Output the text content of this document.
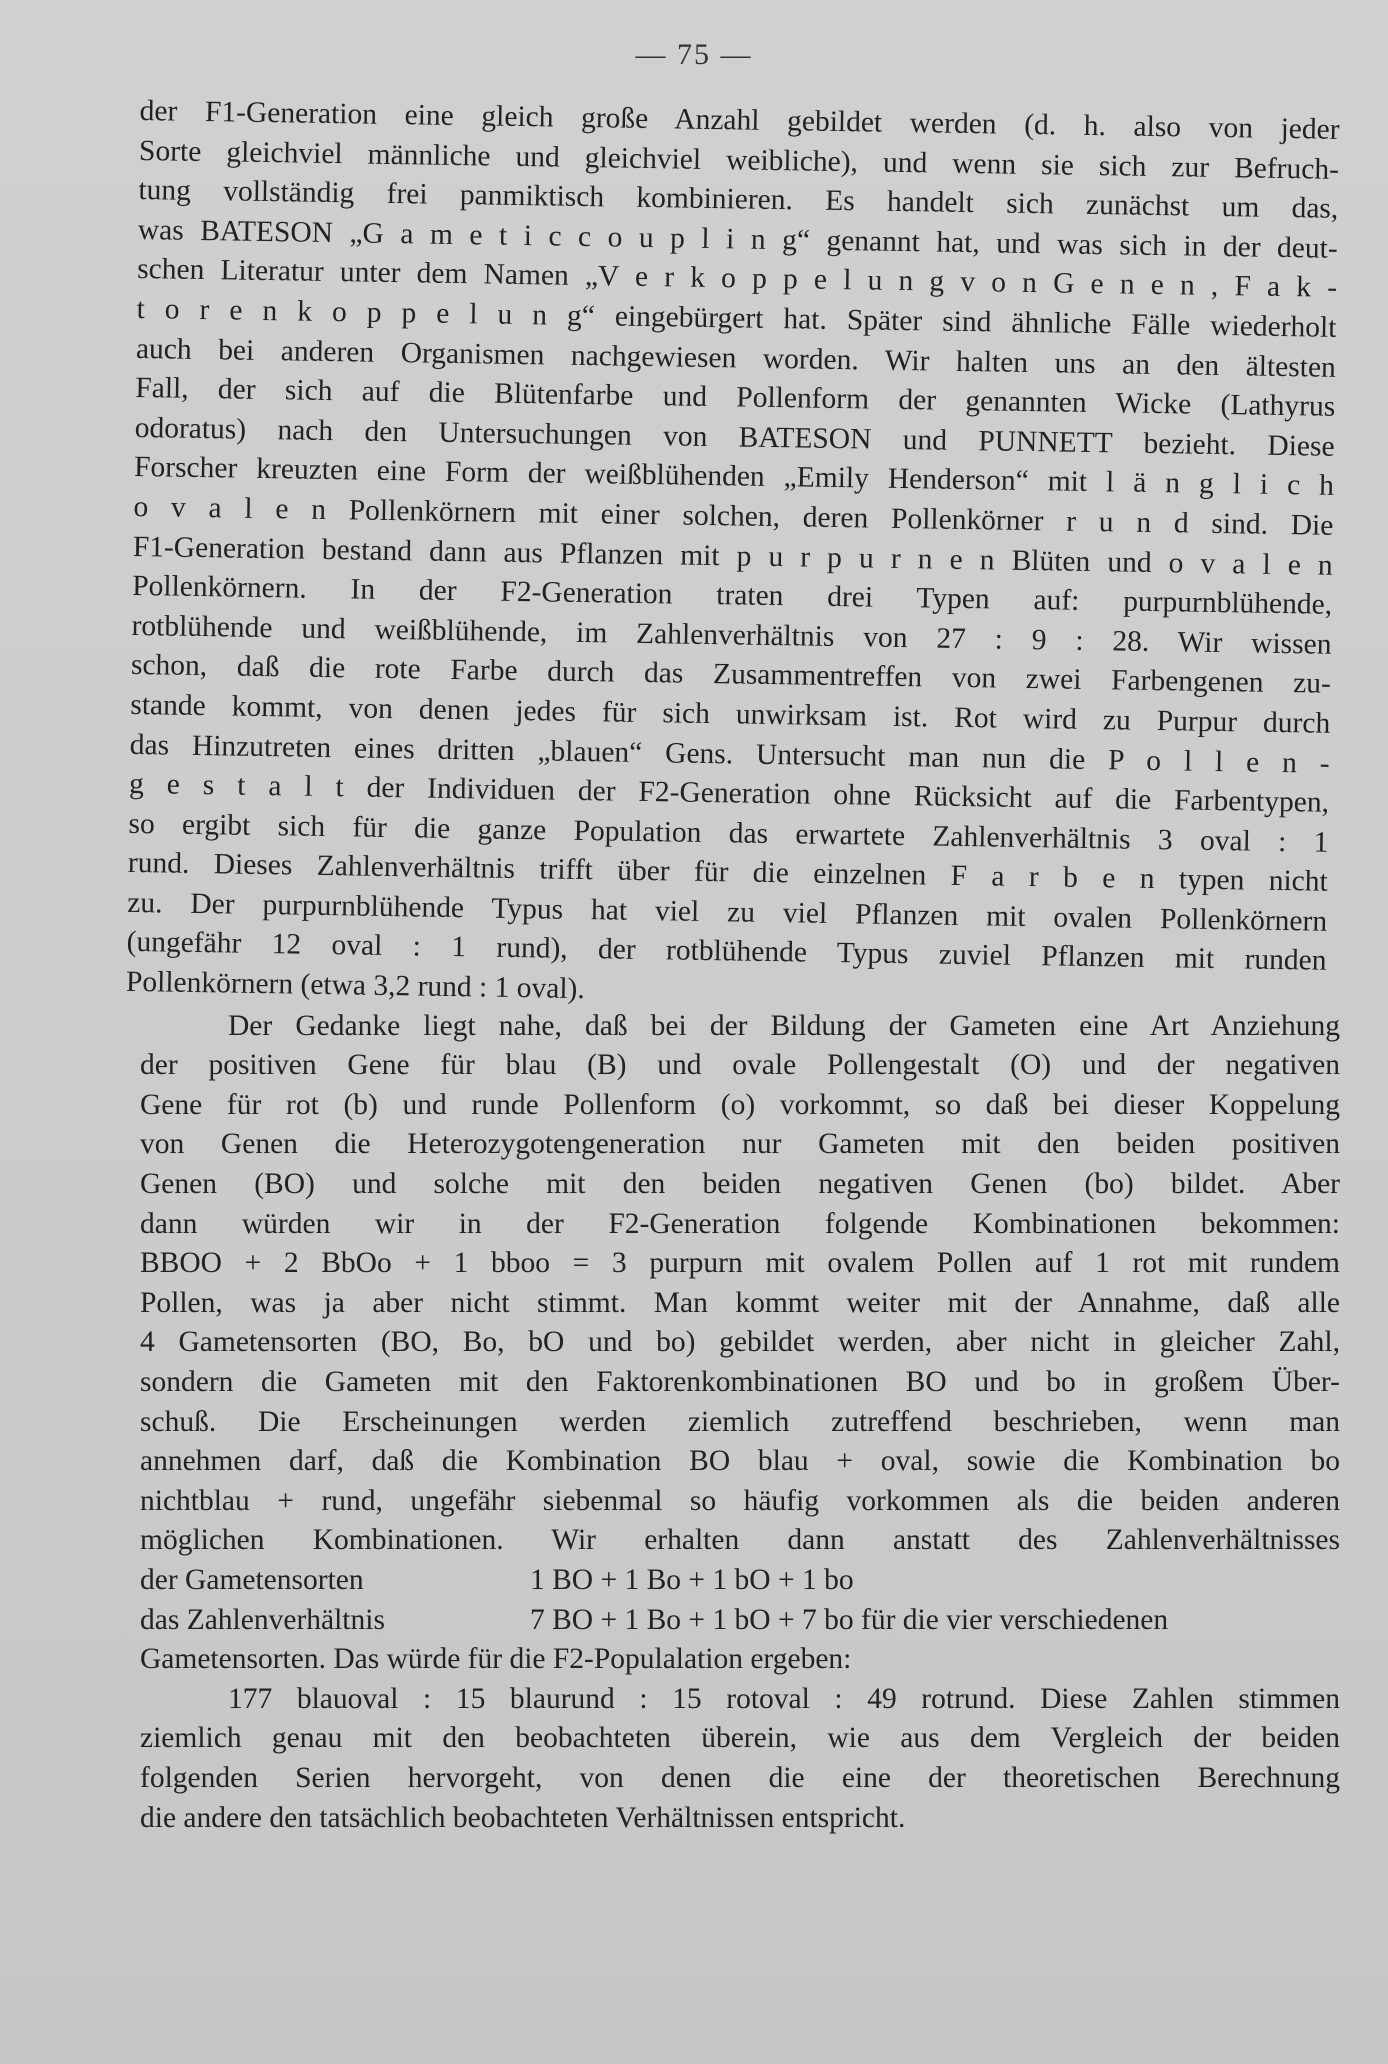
— 75 —
der F1-Generation eine gleich große Anzahl gebildet werden (d. h. also von jeder
Sorte gleichviel männliche und gleichviel weibliche), und wenn sie sich zur Befruch-
tung vollständig frei panmiktisch kombinieren. Es handelt sich zunächst um das,
was BATESON „G a m e t i c c o u p l i n g“ genannt hat, und was sich in der deut-
schen Literatur unter dem Namen „V e r k o p p e l u n g v o n G e n e n , F a k -
t o r e n k o p p e l u n g“ eingebürgert hat. Später sind ähnliche Fälle wiederholt
auch bei anderen Organismen nachgewiesen worden. Wir halten uns an den ältesten
Fall, der sich auf die Blütenfarbe und Pollenform der genannten Wicke (Lathyrus
odoratus) nach den Untersuchungen von BATESON und PUNNETT bezieht. Diese
Forscher kreuzten eine Form der weißblühenden „Emily Henderson“ mit l ä n g l i c h
o v a l e n Pollenkörnern mit einer solchen, deren Pollenkörner r u n d sind. Die
F1-Generation bestand dann aus Pflanzen mit p u r p u r n e n Blüten und o v a l e n
Pollenkörnern. In der F2-Generation traten drei Typen auf: purpurnblühende,
rotblühende und weißblühende, im Zahlenverhältnis von 27 : 9 : 28. Wir wissen
schon, daß die rote Farbe durch das Zusammentreffen von zwei Farbengenen zu-
stande kommt, von denen jedes für sich unwirksam ist. Rot wird zu Purpur durch
das Hinzutreten eines dritten „blauen“ Gens. Untersucht man nun die P o l l e n -
g e s t a l t der Individuen der F2-Generation ohne Rücksicht auf die Farbentypen,
so ergibt sich für die ganze Population das erwartete Zahlenverhältnis 3 oval : 1
rund. Dieses Zahlenverhältnis trifft über für die einzelnen F a r b e n typen nicht
zu. Der purpurnblühende Typus hat viel zu viel Pflanzen mit ovalen Pollenkörnern
(ungefähr 12 oval : 1 rund), der rotblühende Typus zuviel Pflanzen mit runden
Pollenkörnern (etwa 3,2 rund : 1 oval).
Der Gedanke liegt nahe, daß bei der Bildung der Gameten eine Art Anziehung
der positiven Gene für blau (B) und ovale Pollengestalt (O) und der negativen
Gene für rot (b) und runde Pollenform (o) vorkommt, so daß bei dieser Koppelung
von Genen die Heterozygotengeneration nur Gameten mit den beiden positiven
Genen (BO) und solche mit den beiden negativen Genen (bo) bildet. Aber
dann würden wir in der F2-Generation folgende Kombinationen bekommen:
BBOO + 2 BbOo + 1 bboo = 3 purpurn mit ovalem Pollen auf 1 rot mit rundem
Pollen, was ja aber nicht stimmt. Man kommt weiter mit der Annahme, daß alle
4 Gametensorten (BO, Bo, bO und bo) gebildet werden, aber nicht in gleicher Zahl,
sondern die Gameten mit den Faktorenkombinationen BO und bo in großem Über-
schuß. Die Erscheinungen werden ziemlich zutreffend beschrieben, wenn man
annehmen darf, daß die Kombination BO blau + oval, sowie die Kombination bo
nichtblau + rund, ungefähr siebenmal so häufig vorkommen als die beiden anderen
möglichen Kombinationen. Wir erhalten dann anstatt des Zahlenverhältnisses
der Gametensorten	1 BO + 1 Bo + 1 bO + 1 bo
das Zahlenverhältnis	7 BO + 1 Bo + 1 bO + 7 bo für die vier verschiedenen
Gametensorten. Das würde für die F2-Populalation ergeben:
177 blauoval : 15 blaurund : 15 rotoval : 49 rotrund. Diese Zahlen stimmen
ziemlich genau mit den beobachteten überein, wie aus dem Vergleich der beiden
folgenden Serien hervorgeht, von denen die eine der theoretischen Berechnung
die andere den tatsächlich beobachteten Verhältnissen entspricht.
